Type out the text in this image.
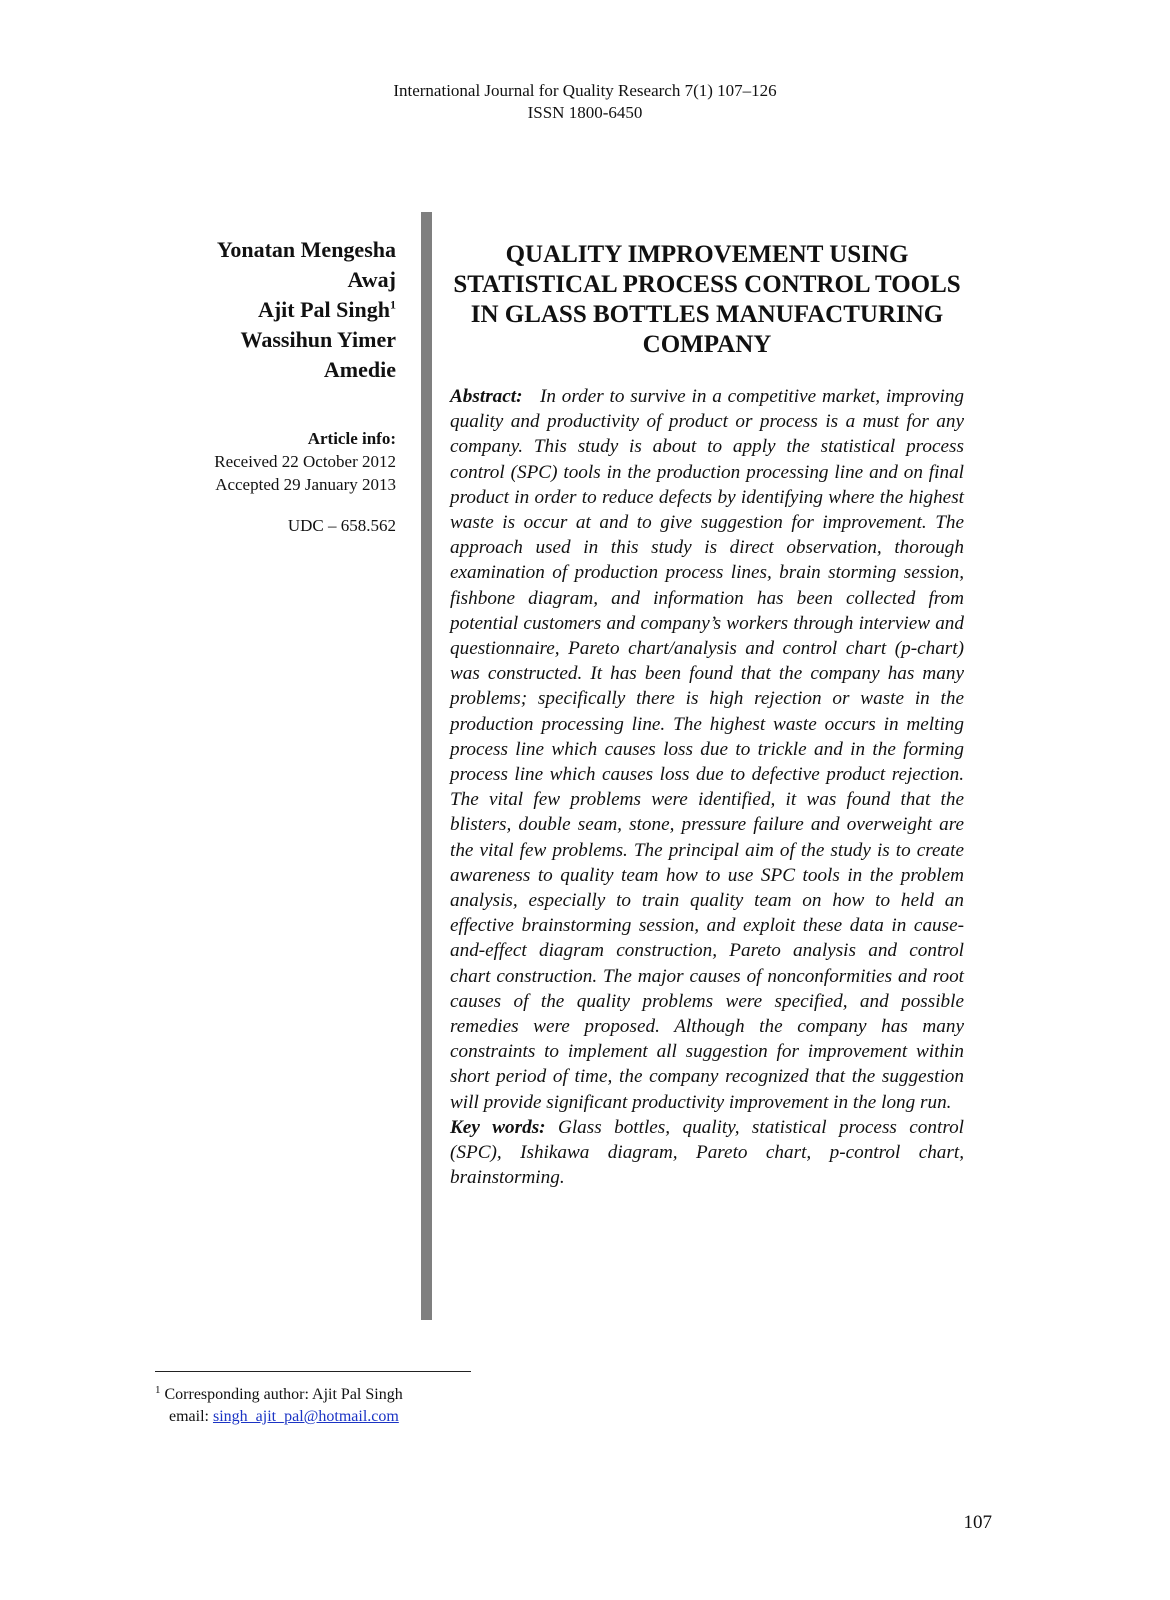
International Journal for Quality Research 7(1) 107–126
ISSN 1800-6450
Yonatan Mengesha
Awaj
Ajit Pal Singh$^1$
Wassihun Yimer
Amedie
Article info:
Received 22 October 2012
Accepted 29 January 2013
UDC – 658.562
QUALITY IMPROVEMENT USING
STATISTICAL PROCESS CONTROL TOOLS
IN GLASS BOTTLES MANUFACTURING
COMPANY
Abstract: In order to survive in a competitive market, improving quality and productivity of product or process is a must for any company. This study is about to apply the statistical process control (SPC) tools in the production processing line and on final product in order to reduce defects by identifying where the highest waste is occur at and to give suggestion for improvement. The approach used in this study is direct observation, thorough examination of production process lines, brain storming session, fishbone diagram, and information has been collected from potential customers and company’s workers through interview and questionnaire, Pareto chart/analysis and control chart (p-chart) was constructed. It has been found that the company has many problems; specifically there is high rejection or waste in the production processing line. The highest waste occurs in melting process line which causes loss due to trickle and in the forming process line which causes loss due to defective product rejection. The vital few problems were identified, it was found that the blisters, double seam, stone, pressure failure and overweight are the vital few problems. The principal aim of the study is to create awareness to quality team how to use SPC tools in the problem analysis, especially to train quality team on how to held an effective brainstorming session, and exploit these data in cause-and-effect diagram construction, Pareto analysis and control chart construction. The major causes of nonconformities and root causes of the quality problems were specified, and possible remedies were proposed. Although the company has many constraints to implement all suggestion for improvement within short period of time, the company recognized that the suggestion will provide significant productivity improvement in the long run.
Key words: Glass bottles, quality, statistical process control (SPC), Ishikawa diagram, Pareto chart, p-control chart, brainstorming.
$^1$ Corresponding author: Ajit Pal Singh
email: singh_ajit_pal@hotmail.com
107
